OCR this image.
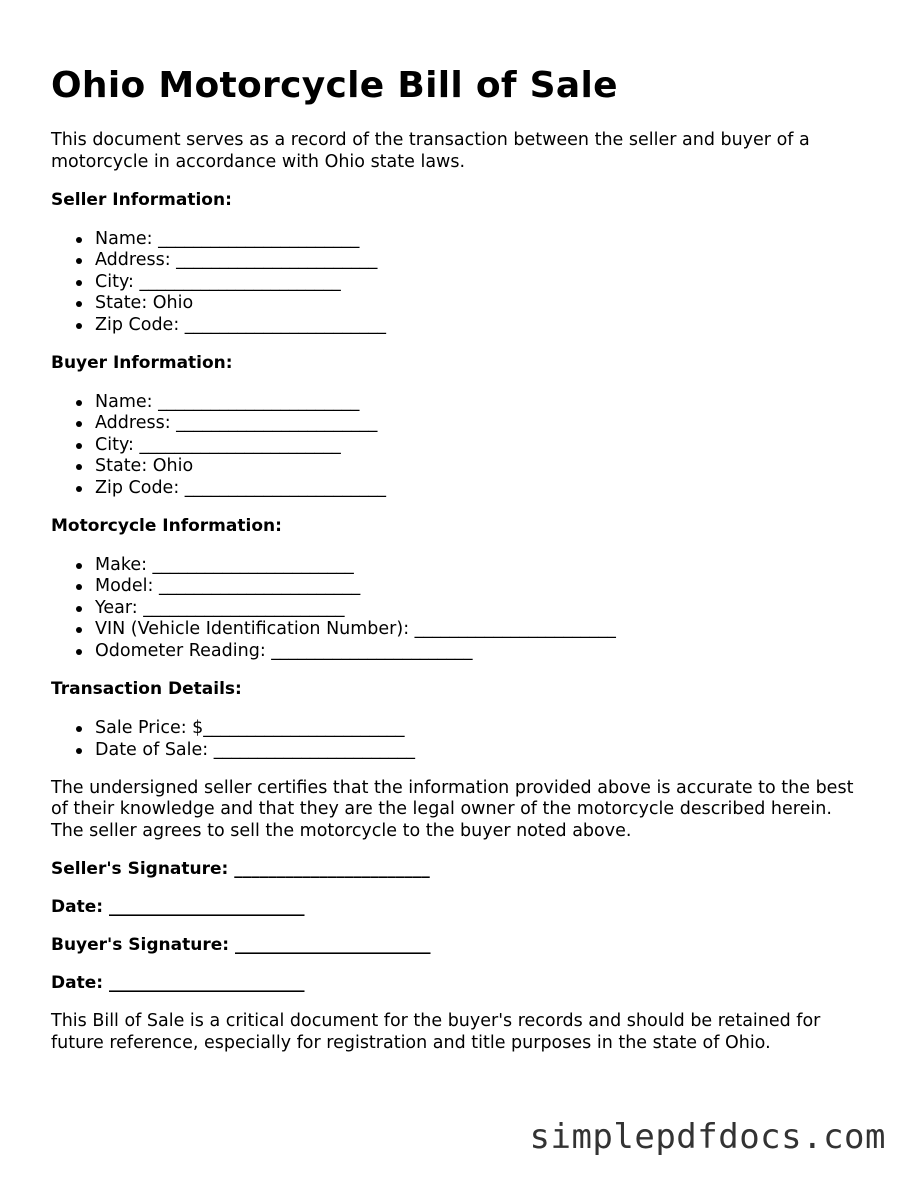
Ohio Motorcycle Bill of Sale

This document serves as a record of the transaction between the seller and buyer of a motorcycle in accordance with Ohio state laws.

Seller Information:
Name: _______________________
Address: _______________________
City: _______________________
State: Ohio
Zip Code: _______________________
Buyer Information:
Name: _______________________
Address: _______________________
City: _______________________
State: Ohio
Zip Code: _______________________
Motorcycle Information:
Make: _______________________
Model: _______________________
Year: _______________________
VIN (Vehicle Identification Number): _______________________
Odometer Reading: _______________________
Transaction Details:
Sale Price: $_______________________
Date of Sale: _______________________

The undersigned seller certifies that the information provided above is accurate to the best of their knowledge and that they are the legal owner of the motorcycle described herein. The seller agrees to sell the motorcycle to the buyer noted above.

Seller's Signature: _______________________
Date: _______________________
Buyer's Signature: _______________________
Date: _______________________

This Bill of Sale is a critical document for the buyer's records and should be retained for future reference, especially for registration and title purposes in the state of Ohio.

simplepdfdocs.com
